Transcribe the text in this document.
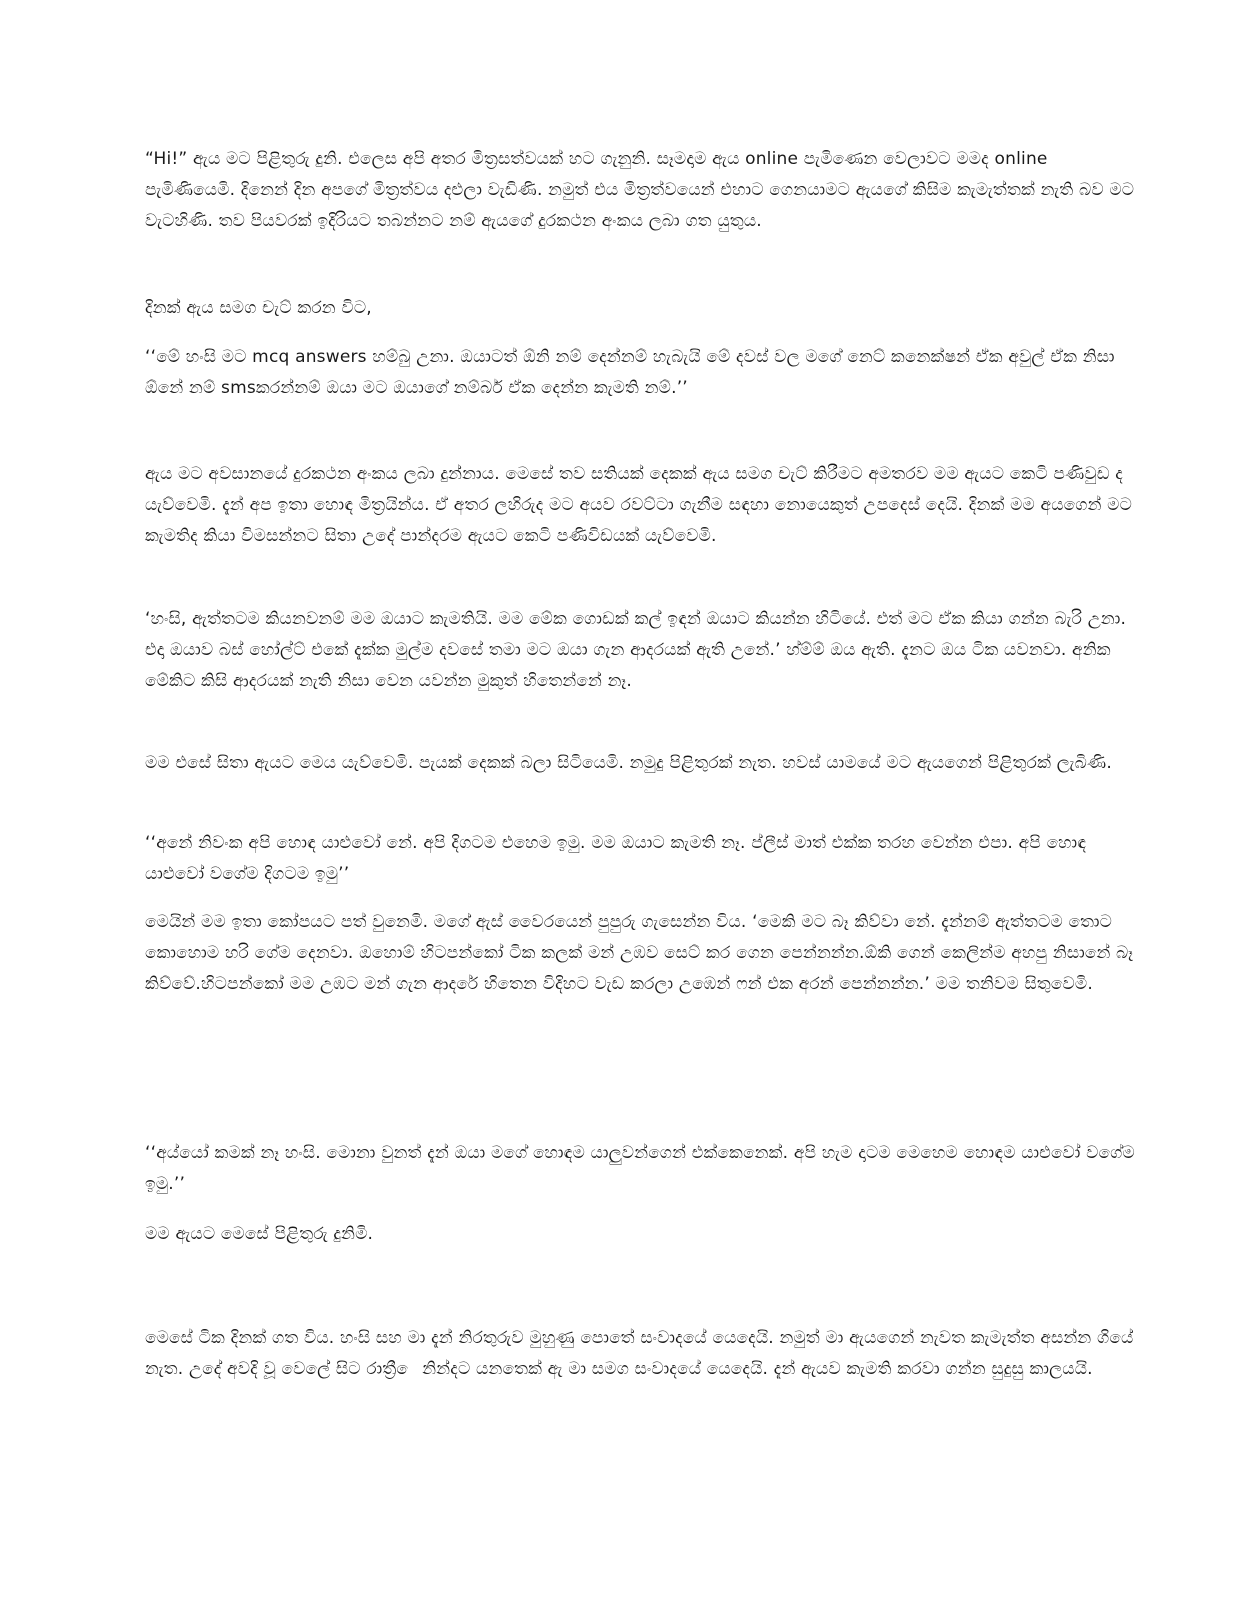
“Hi!” ඇය මට පිළිතුරු දුනි. එලෙස අපි අතර මිත්‍රසත්වයක් හට ගැනුනි. සෑමදාම ඇය online පැමිණෙන වෙලාවට මමද online පැමිණියෙමි. දිනෙන් දින අපගේ මිත්‍රත්වය දළුලා වැඩිණි. නමුත් එය මිත්‍රත්වයෙන් එහාට ගෙනයාමට ඇයගේ කිසිම කැමැත්තක් නැති බව මට වැටහිණි. තව පියවරක් ඉදිරියට තබන්නට නම් ඇයගේ දුරකථන අංකය ලබා ගත යුතුය.

දිනක් ඇය සමග චැට් කරන විට,

‘‘මේ හංසි මට mcq answers හම්බු උනා. ඔයාටත් ඕනි නම් දෙන්නම් හැබැයි මේ දවස් වල මගේ නෙට් කනෙක්ෂන් ඒක අවුල් ඒක නිසා ඕනේ නම් smsකරන්නම් ඔයා මට ඔයාගේ නම්බර් ඒක දෙන්න කැමති නම්.’’

ඇය මට අවසානයේ දුරකථන අංකය ලබා දුන්නාය. මෙසේ තව සතියක් දෙකක් ඇය සමග චැට් කිරීමට අමතරව මම ඇයට කෙටි පණිවුඩ ද යැව්වෙමි. දැන් අප ඉතා හොඳ මිත්‍රයින්ය. ඒ අතර ලහිරුද මට අයව රවට්ටා ගැනීම සඳහා නොයෙකුත් උපදෙස් දෙයි. දිනක් මම අයගෙන් මට කැමතිද කියා විමසන්නට සිතා උදේ පාන්දරම ඇයට කෙටි පණිවිඩයක් යැව්වෙමි.

‘හංසි, ඇත්තටම කියනවනම් මම ඔයාට කැමතියි. මම මේක ගොඩක් කල් ඉඳන් ඔයාට කියන්න හිටියේ. එත් මට ඒක කියා ගන්න බැරි උනා. එදා ඔයාව බස් හෝල්ට් එකේ දැක්ක මුල්ම දවසේ තමා මට ඔයා ගැන ආදරයක් ඇති උනේ.’ හ්ම්ම් ඔය ඇති. දැනට ඔය ටික යවනවා. අනික මේකිට කිසි ආදරයක් නැති නිසා වෙන යවන්න මුකුත් හිතෙන්නේ නෑ.

මම එසේ සිතා ඇයට මෙය යැව්වෙමි. පැයක් දෙකක් බලා සිටියෙමි. නමුදු පිළිතුරක් නැත. හවස් යාමයේ මට ඇයගෙන් පිළිතුරක් ලැබිණි.

‘‘අනේ නිවංක අපි හොඳ යාළුවෝ නේ. අපි දිගටම එහෙම ඉමු. මම ඔයාට කැමති නෑ. ප්ලීස් මාත් එක්ක තරහ වෙන්න එපා. අපි හොඳ යාළුවෝ වගේම දිගටම ඉමු’’

මෙයින් මම ඉතා කෝපයට පත් වුනෙමි. මගේ ඇස් වෛරයෙන් පුපුරු ගැසෙන්න විය. ‘මෙකි මට බෑ කිව්වා නේ. දැන්නම් ඇත්තටම තොට කොහොම හරි ගේම දෙනවා. ඔහොම් හිටපන්කෝ ටික කලක් මන් උඹව සෙට් කර ගෙන පෙන්නන්න.ඕකි ගෙන් කෙලින්ම අහපු නිසානේ බෑ කිව්වේ.හිටපන්කෝ මම උඹට මන් ගැන ආදරේ හිතෙන විදිහට වැඩ කරලා උඹෙන් ෆන් එක අරන් පෙන්නන්න.’ මම තනිවම සිතුවෙමි.

‘‘අය්යෝ කමක් නෑ හංසි. මොනා වුනත් දැන් ඔයා මගේ හොඳම යාලුවන්ගෙන් එක්කෙනෙක්. අපි හැම දාටම මෙහෙම හොඳම යාළුවෝ වගේම ඉමු.’’

මම ඇයට මෙසේ පිළිතුරු දුනිමි.

මෙසේ ටික දිනක් ගත විය. හංසි සහ මා දැන් නිරතුරුව මුහුණු පොතේ සංවාදයේ යෙදෙයි. නමුත් මා ඇයගෙන් නැවත කැමැත්ත අසන්න ගියේ නැත. උදේ අවදි වූ වෙලේ සිට රාත්‍රී ෙ නින්දට යනතෙක් ඇ මා සමග සංවාදයේ යෙදෙයි. දැන් ඇයව කැමති කරවා ගන්න සුදුසු කාලයයි.
